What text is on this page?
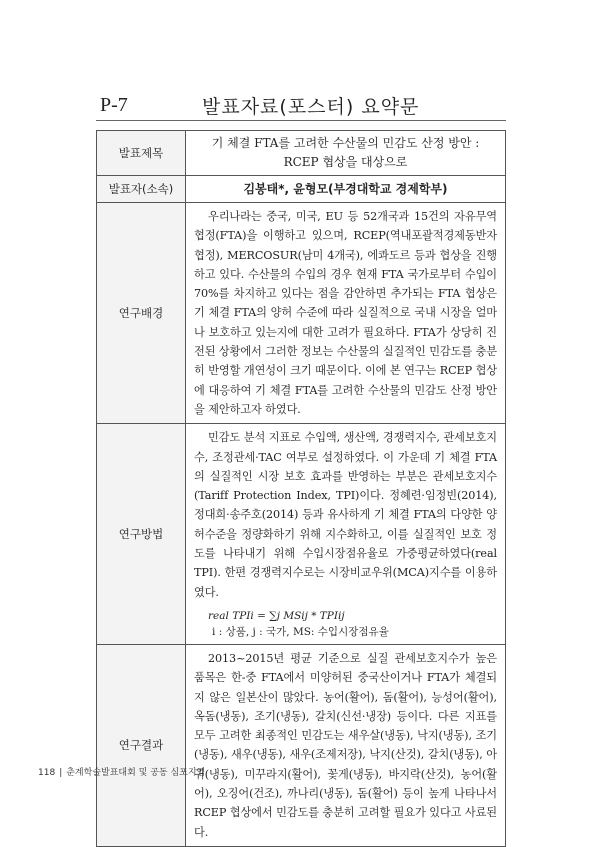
P-7	발표자료(포스터) 요약문
발표제목	기 체결 FTA를 고려한 수산물의 민감도 산정 방안 : RCEP 협상을 대상으로

발표자(소속)	김봉태*, 윤형모(부경대학교 경제학부)

연구배경	우리나라는 중국, 미국, EU 등 52개국과 15건의 자유무역협정(FTA)을 이행하고 있으며, RCEP(역내포괄적경제동반자협정), MERCOSUR(남미 4개국), 에콰도르 등과 협상을 진행하고 있다. 수산물의 수입의 경우 현재 FTA 국가로부터 수입이 70%를 차지하고 있다는 점을 감안하면 추가되는 FTA 협상은 기 체결 FTA의 양허 수준에 따라 실질적으로 국내 시장을 얼마나 보호하고 있는지에 대한 고려가 필요하다. FTA가 상당히 진전된 상황에서 그러한 정보는 수산물의 실질적인 민감도를 충분히 반영할 개연성이 크기 때문이다. 이에 본 연구는 RCEP 협상에 대응하여 기 체결 FTA를 고려한 수산물의 민감도 산정 방안을 제안하고자 하였다.

연구방법	민감도 분석 지표로 수입액, 생산액, 경쟁력지수, 관세보호지수, 조정관세·TAC 여부로 설정하였다. 이 가운데 기 체결 FTA의 실질적인 시장 보호 효과를 반영하는 부분은 관세보호지수(Tariff Protection Index, TPI)이다. 정혜련·임정빈(2014), 정대희·송주호(2014) 등과 유사하게 기 체결 FTA의 다양한 양허수준을 정량화하기 위해 지수화하고, 이를 실질적인 보호 정도를 나타내기 위해 수입시장점유율로 가중평균하였다(real TPI). 한편 경쟁력지수로는 시장비교우위(MCA)지수를 이용하였다.
real TPIi = ∑j MSij * TPIij
i : 상품, j : 국가, MS: 수입시장점유율

연구결과	2013~2015년 평균 기준으로 실질 관세보호지수가 높은 품목은 한-중 FTA에서 미양허된 중국산이거나 FTA가 체결되지 않은 일본산이 많았다. 농어(활어), 돔(활어), 능성어(활어), 옥돔(냉동), 조기(냉동), 갈치(신선·냉장) 등이다. 다른 지표를 모두 고려한 최종적인 민감도는 새우살(냉동), 낙지(냉동), 조기(냉동), 새우(냉동), 새우(조제저장), 낙지(산것), 갈치(냉동), 아귀(냉동), 미꾸라지(활어), 꽃게(냉동), 바지락(산것), 농어(활어), 오징어(건조), 까나리(냉동), 돔(활어) 등이 높게 나타나서 RCEP 협상에서 민감도를 충분히 고려할 필요가 있다고 사료된다.
118 | 춘계학술발표대회 및 공동 심포지엄
